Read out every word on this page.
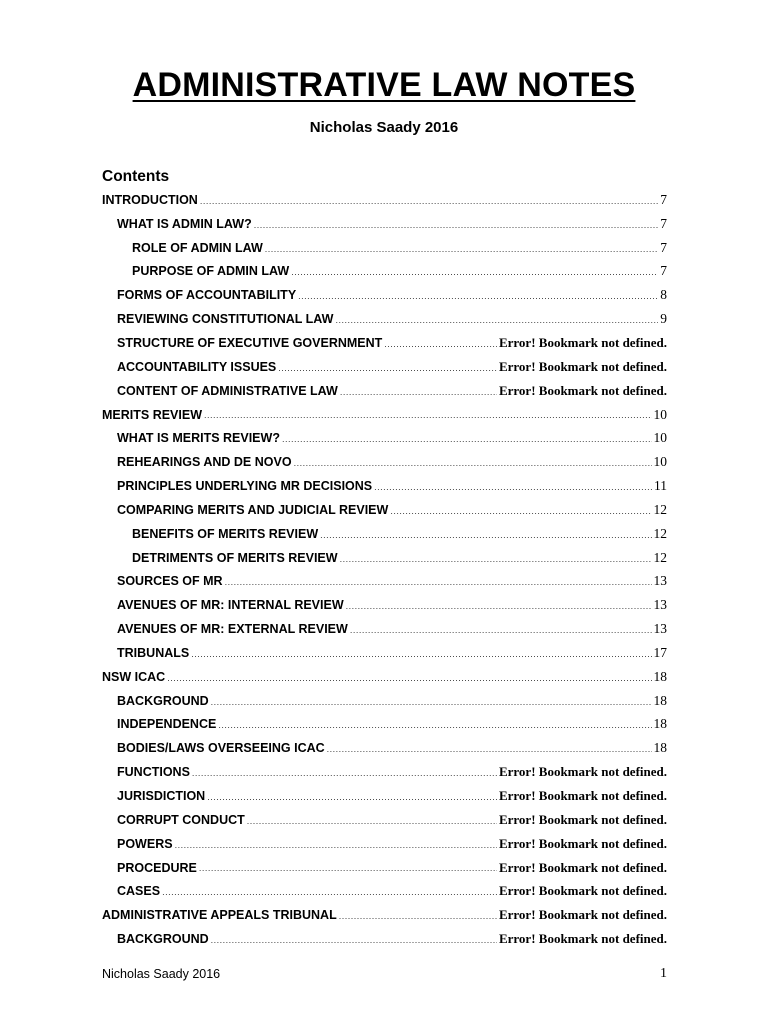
ADMINISTRATIVE LAW NOTES
Nicholas Saady 2016
Contents
INTRODUCTION .....	7
WHAT IS ADMIN LAW? .....	7
ROLE OF ADMIN LAW .....	7
PURPOSE OF ADMIN LAW .....	7
FORMS OF ACCOUNTABILITY .....	8
REVIEWING CONSTITUTIONAL LAW .....	9
STRUCTURE OF EXECUTIVE GOVERNMENT .....	Error! Bookmark not defined.
ACCOUNTABILITY ISSUES .....	Error! Bookmark not defined.
CONTENT OF ADMINISTRATIVE LAW .....	Error! Bookmark not defined.
MERITS REVIEW .....	10
WHAT IS MERITS REVIEW? .....	10
REHEARINGS AND DE NOVO .....	10
PRINCIPLES UNDERLYING MR DECISIONS .....	11
COMPARING MERITS AND JUDICIAL REVIEW .....	12
BENEFITS OF MERITS REVIEW .....	12
DETRIMENTS OF MERITS REVIEW .....	12
SOURCES OF MR .....	13
AVENUES OF MR: INTERNAL REVIEW .....	13
AVENUES OF MR: EXTERNAL REVIEW .....	13
TRIBUNALS .....	17
NSW ICAC .....	18
BACKGROUND .....	18
INDEPENDENCE .....	18
BODIES/LAWS OVERSEEING ICAC .....	18
FUNCTIONS .....	Error! Bookmark not defined.
JURISDICTION .....	Error! Bookmark not defined.
CORRUPT CONDUCT .....	Error! Bookmark not defined.
POWERS .....	Error! Bookmark not defined.
PROCEDURE .....	Error! Bookmark not defined.
CASES .....	Error! Bookmark not defined.
ADMINISTRATIVE APPEALS TRIBUNAL .....	Error! Bookmark not defined.
BACKGROUND .....	Error! Bookmark not defined.
Nicholas Saady 2016	1
